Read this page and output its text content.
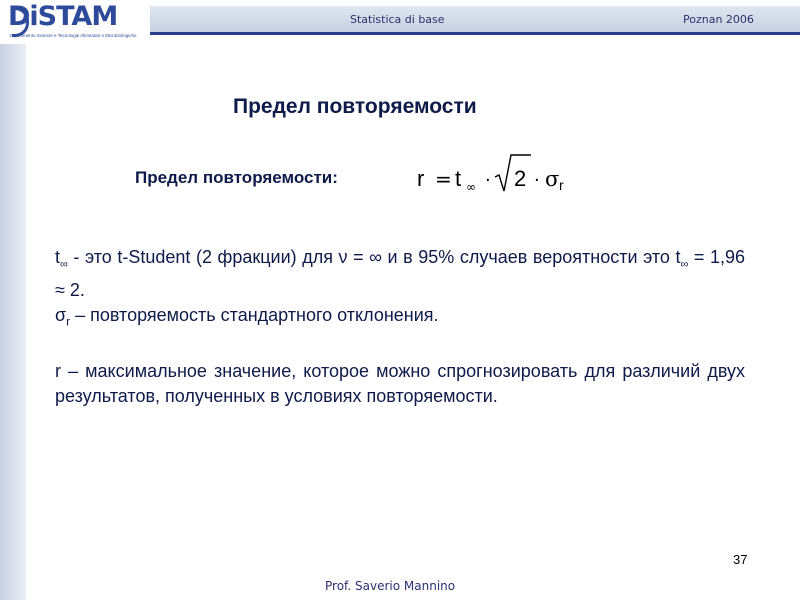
DiSTAM
Dipartimento Scienze e Tecnologie Alimentari e Microbiologiche
Statistica di base	Poznan 2006
Предел повторяемости
Предел повторяемости:	r = t ∞ · 2 · σ r

$t_\infty$ - это t-Student (2 фракции) для ν = ∞ и в 95% случаев вероятности это $t_\infty = 1,96 \approx 2$.

$\sigma_r$ – повторяемость стандартного отклонения.

r – максимальное значение, которое можно спрогнозировать для различий двух результатов, полученных в условиях повторяемости.

37
Prof. Saverio Mannino
